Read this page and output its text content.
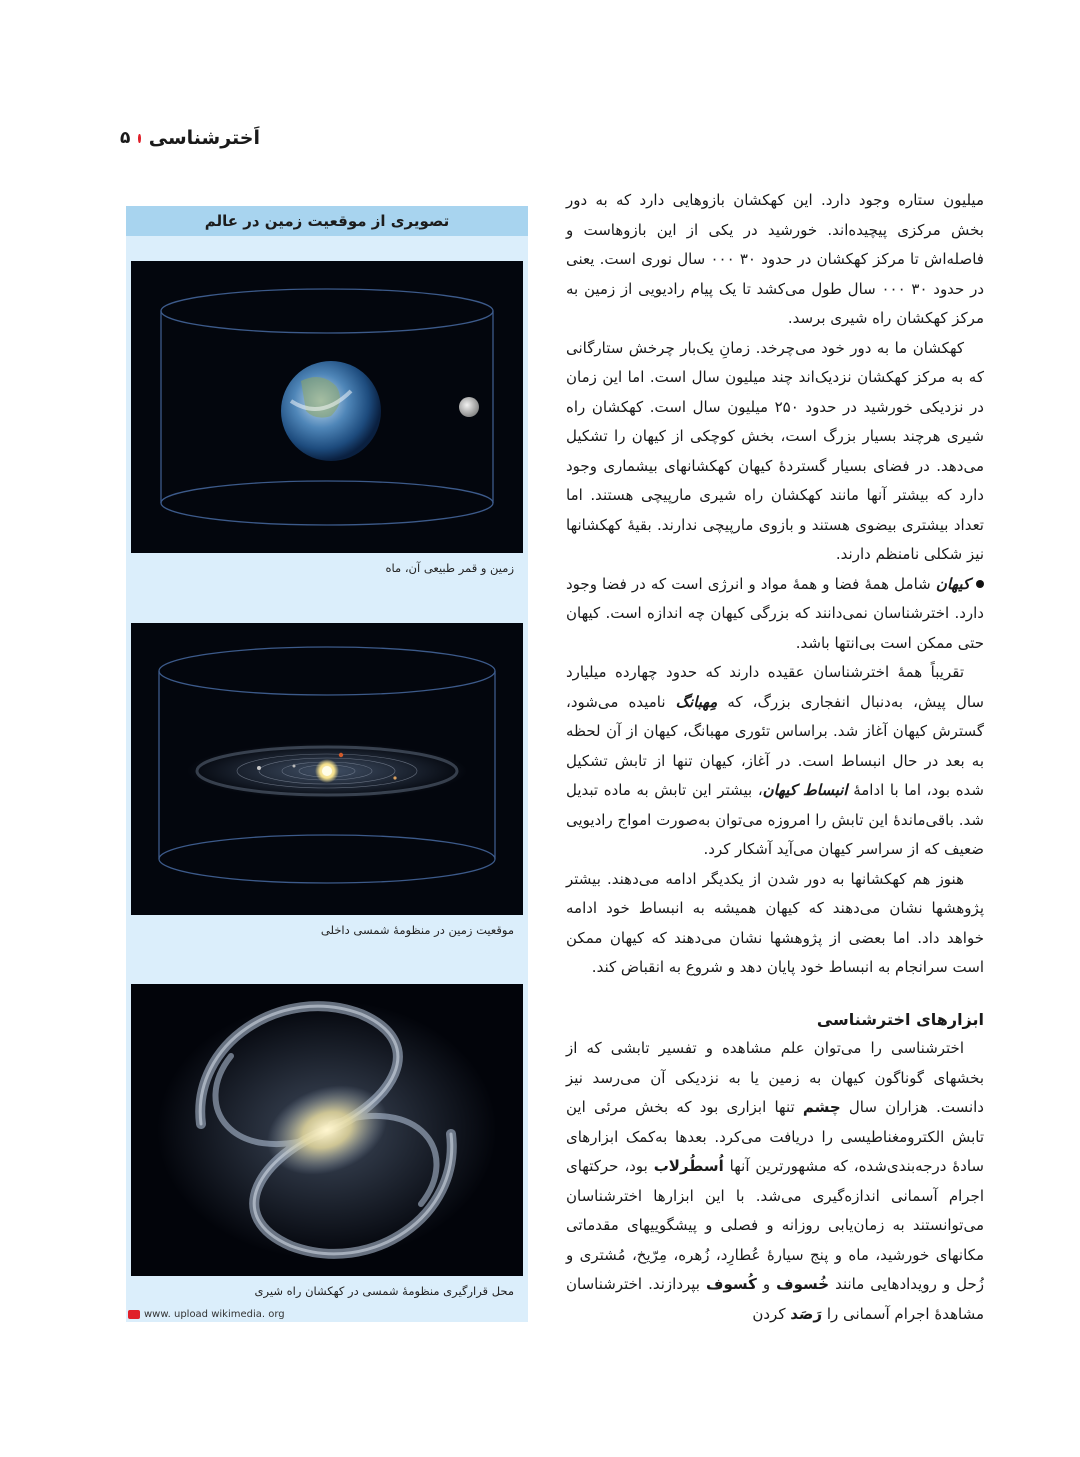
اَخترشناسی
۵

میلیون ستاره وجود دارد. این کهکشان بازوهایی دارد که به دور بخش مرکزی پیچیده‌اند. خورشید در یکی از این بازوهاست و فاصله‌اش تا مرکز کهکشان در حدود ۳۰ ۰۰۰ سال نوری است. یعنی در حدود ۳۰ ۰۰۰ سال طول می‌کشد تا یک پیام رادیویی از زمین به مرکز کهکشان راه شیری برسد.

کهکشان ما به دور خود می‌چرخد. زمانِ یک‌بار چرخش ستارگانی که به مرکز کهکشان نزدیک‌اند چند میلیون سال است. اما این زمان در نزدیکی خورشید در حدود ۲۵۰ میلیون سال است. کهکشان راه شیری هرچند بسیار بزرگ است، بخش کوچکی از کیهان را تشکیل می‌دهد. در فضای بسیار گستردهٔ کیهان کهکشانهای بیشماری وجود دارد که بیشتر آنها مانند کهکشان راه شیری مارپیچی هستند. اما تعداد بیشتری بیضوی هستند و بازوی مارپیچی ندارند. بقیهٔ کهکشانها نیز شکلی نامنظم دارند.

کیهان شامل همهٔ فضا و همهٔ مواد و انرژی است که در فضا وجود دارد. اخترشناسان نمی‌دانند که بزرگی کیهان چه اندازه است. کیهان حتی ممکن است بی‌انتها باشد.

تقریباً همهٔ اخترشناسان عقیده دارند که حدود چهارده میلیارد سال پیش، به‌دنبال انفجاری بزرگ، که مِهبانگ نامیده می‌شود، گسترش کیهان آغاز شد. براساس تئوری مهبانگ، کیهان از آن لحظه به بعد در حال انبساط است. در آغاز، کیهان تنها از تابش تشکیل شده بود، اما با ادامهٔ انبساط کیهان، بیشتر این تابش به ماده تبدیل شد. باقی‌ماندهٔ این تابش را امروزه می‌توان به‌صورت امواج رادیویی ضعیف که از سراسر کیهان می‌آید آشکار کرد.

هنوز هم کهکشانها به دور شدن از یکدیگر ادامه می‌دهند. بیشتر پژوهشها نشان می‌دهند که کیهان همیشه به انبساط خود ادامه خواهد داد. اما بعضی از پژوهشها نشان می‌دهند که کیهان ممکن است سرانجام به انبساط خود پایان دهد و شروع به انقباض کند.

ابزارهای اخترشناسی

اخترشناسی را می‌توان علم مشاهده و تفسیر تابشی که از بخشهای گوناگون کیهان به زمین یا به نزدیکی آن می‌رسد نیز دانست. هزاران سال چشم تنها ابزاری بود که بخش مرئی این تابش الکترومغناطیسی را دریافت می‌کرد. بعدها به‌کمک ابزارهای سادهٔ درجه‌بندی‌شده، که مشهورترین آنها اُسطُرلاب بود، حرکتهای اجرام آسمانی اندازه‌گیری می‌شد. با این ابزارها اخترشناسان می‌توانستند به زمان‌یابی روزانه و فصلی و پیشگوییهای مقدماتی مکانهای خورشید، ماه و پنج سیارهٔ عُطارِد، زُهره، مِرّیخ، مُشتری و زُحل و رویدادهایی مانند خُسوف و کُسوف بپردازند. اخترشناسان مشاهدهٔ اجرام آسمانی را رَصَد کردن

تصویری از موقعیت زمین در عالم
زمین و قمر طبیعی آن، ماه
موقعیت زمین در منظومهٔ شمسی داخلی
محل قرارگیری منظومهٔ شمسی در کهکشان راه شیری
www. upload wikimedia. org
